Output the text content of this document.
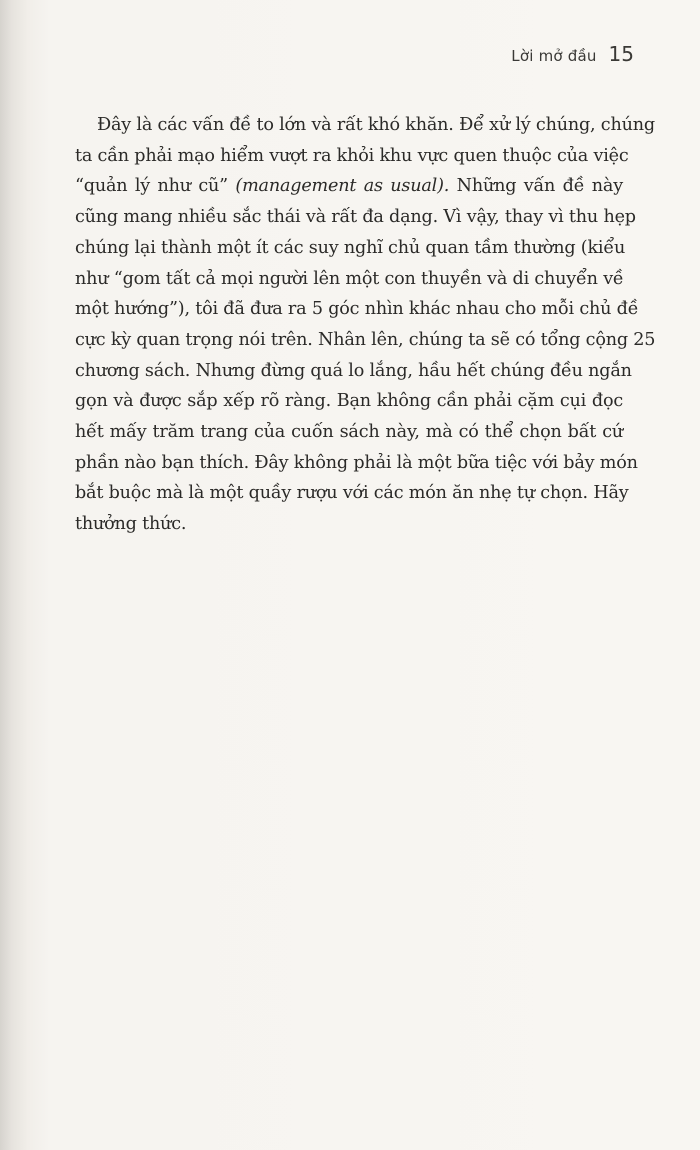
Lời mở đầu 15

Đây là các vấn đề to lớn và rất khó khăn. Để xử lý chúng, chúng
ta cần phải mạo hiểm vượt ra khỏi khu vực quen thuộc của việc
“quản lý như cũ” (management as usual). Những vấn đề này
cũng mang nhiều sắc thái và rất đa dạng. Vì vậy, thay vì thu hẹp
chúng lại thành một ít các suy nghĩ chủ quan tầm thường (kiểu
như “gom tất cả mọi người lên một con thuyền và di chuyển về
một hướng”), tôi đã đưa ra 5 góc nhìn khác nhau cho mỗi chủ đề
cực kỳ quan trọng nói trên. Nhân lên, chúng ta sẽ có tổng cộng 25
chương sách. Nhưng đừng quá lo lắng, hầu hết chúng đều ngắn
gọn và được sắp xếp rõ ràng. Bạn không cần phải cặm cụi đọc
hết mấy trăm trang của cuốn sách này, mà có thể chọn bất cứ
phần nào bạn thích. Đây không phải là một bữa tiệc với bảy món
bắt buộc mà là một quầy rượu với các món ăn nhẹ tự chọn. Hãy
thưởng thức.
